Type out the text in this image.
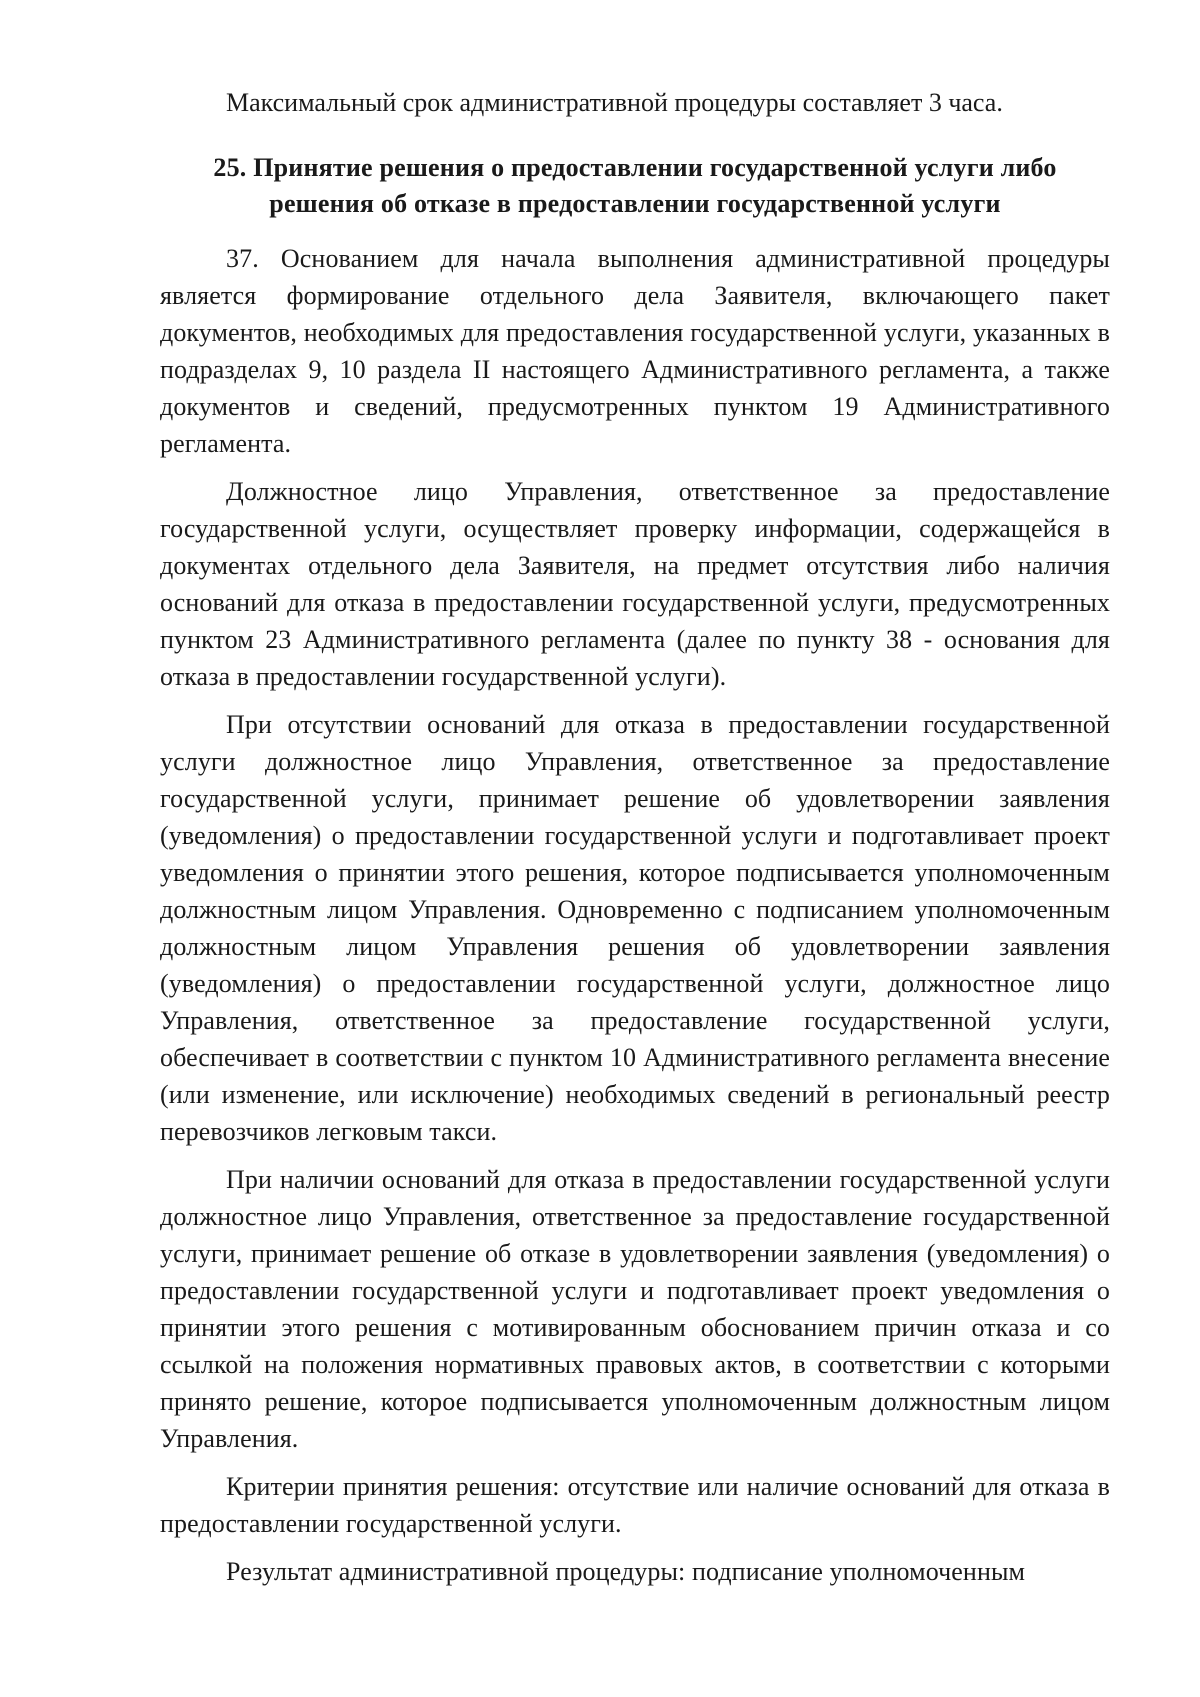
Максимальный срок административной процедуры составляет 3 часа.

25. Принятие решения о предоставлении государственной услуги либо
решения об отказе в предоставлении государственной услуги

37. Основанием для начала выполнения административной процедуры является формирование отдельного дела Заявителя, включающего пакет документов, необходимых для предоставления государственной услуги, указанных в подразделах 9, 10 раздела II настоящего Административного регламента, а также документов и сведений, предусмотренных пунктом 19 Административного регламента.

Должностное лицо Управления, ответственное за предоставление государственной услуги, осуществляет проверку информации, содержащейся в документах отдельного дела Заявителя, на предмет отсутствия либо наличия оснований для отказа в предоставлении государственной услуги, предусмотренных пунктом 23 Административного регламента (далее по пункту 38 - основания для отказа в предоставлении государственной услуги).

При отсутствии оснований для отказа в предоставлении государственной услуги должностное лицо Управления, ответственное за предоставление государственной услуги, принимает решение об удовлетворении заявления (уведомления) о предоставлении государственной услуги и подготавливает проект уведомления о принятии этого решения, которое подписывается уполномоченным должностным лицом Управления. Одновременно с подписанием уполномоченным должностным лицом Управления решения об удовлетворении заявления (уведомления) о предоставлении государственной услуги, должностное лицо Управления, ответственное за предоставление государственной услуги, обеспечивает в соответствии с пунктом 10 Административного регламента внесение (или изменение, или исключение) необходимых сведений в региональный реестр перевозчиков легковым такси.

При наличии оснований для отказа в предоставлении государственной услуги должностное лицо Управления, ответственное за предоставление государственной услуги, принимает решение об отказе в удовлетворении заявления (уведомления) о предоставлении государственной услуги и подготавливает проект уведомления о принятии этого решения с мотивированным обоснованием причин отказа и со ссылкой на положения нормативных правовых актов, в соответствии с которыми принято решение, которое подписывается уполномоченным должностным лицом Управления.

Критерии принятия решения: отсутствие или наличие оснований для отказа в предоставлении государственной услуги.

Результат административной процедуры: подписание уполномоченным
